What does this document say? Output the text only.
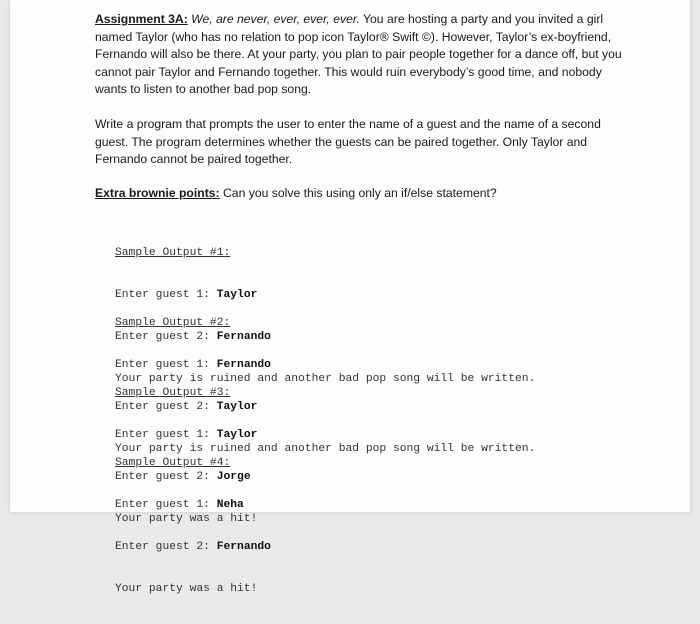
Assignment 3A: We, are never, ever, ever, ever. You are hosting a party and you invited a girl named Taylor (who has no relation to pop icon Taylor® Swift ©). However, Taylor’s ex-boyfriend, Fernando will also be there. At your party, you plan to pair people together for a dance off, but you cannot pair Taylor and Fernando together. This would ruin everybody’s good time, and nobody wants to listen to another bad pop song.
Write a program that prompts the user to enter the name of a guest and the name of a second guest. The program determines whether the guests can be paired together. Only Taylor and Fernando cannot be paired together.
Extra brownie points: Can you solve this using only an if/else statement?

Sample Output #1:

Enter guest 1: Taylor

Enter guest 2: Fernando

Your party is ruined and another bad pop song will be written.

Sample Output #2:

Enter guest 1: Fernando

Enter guest 2: Taylor

Your party is ruined and another bad pop song will be written.

Sample Output #3:

Enter guest 1: Taylor

Enter guest 2: Jorge

Your party was a hit!

Sample Output #4:

Enter guest 1: Neha

Enter guest 2: Fernando

Your party was a hit!
